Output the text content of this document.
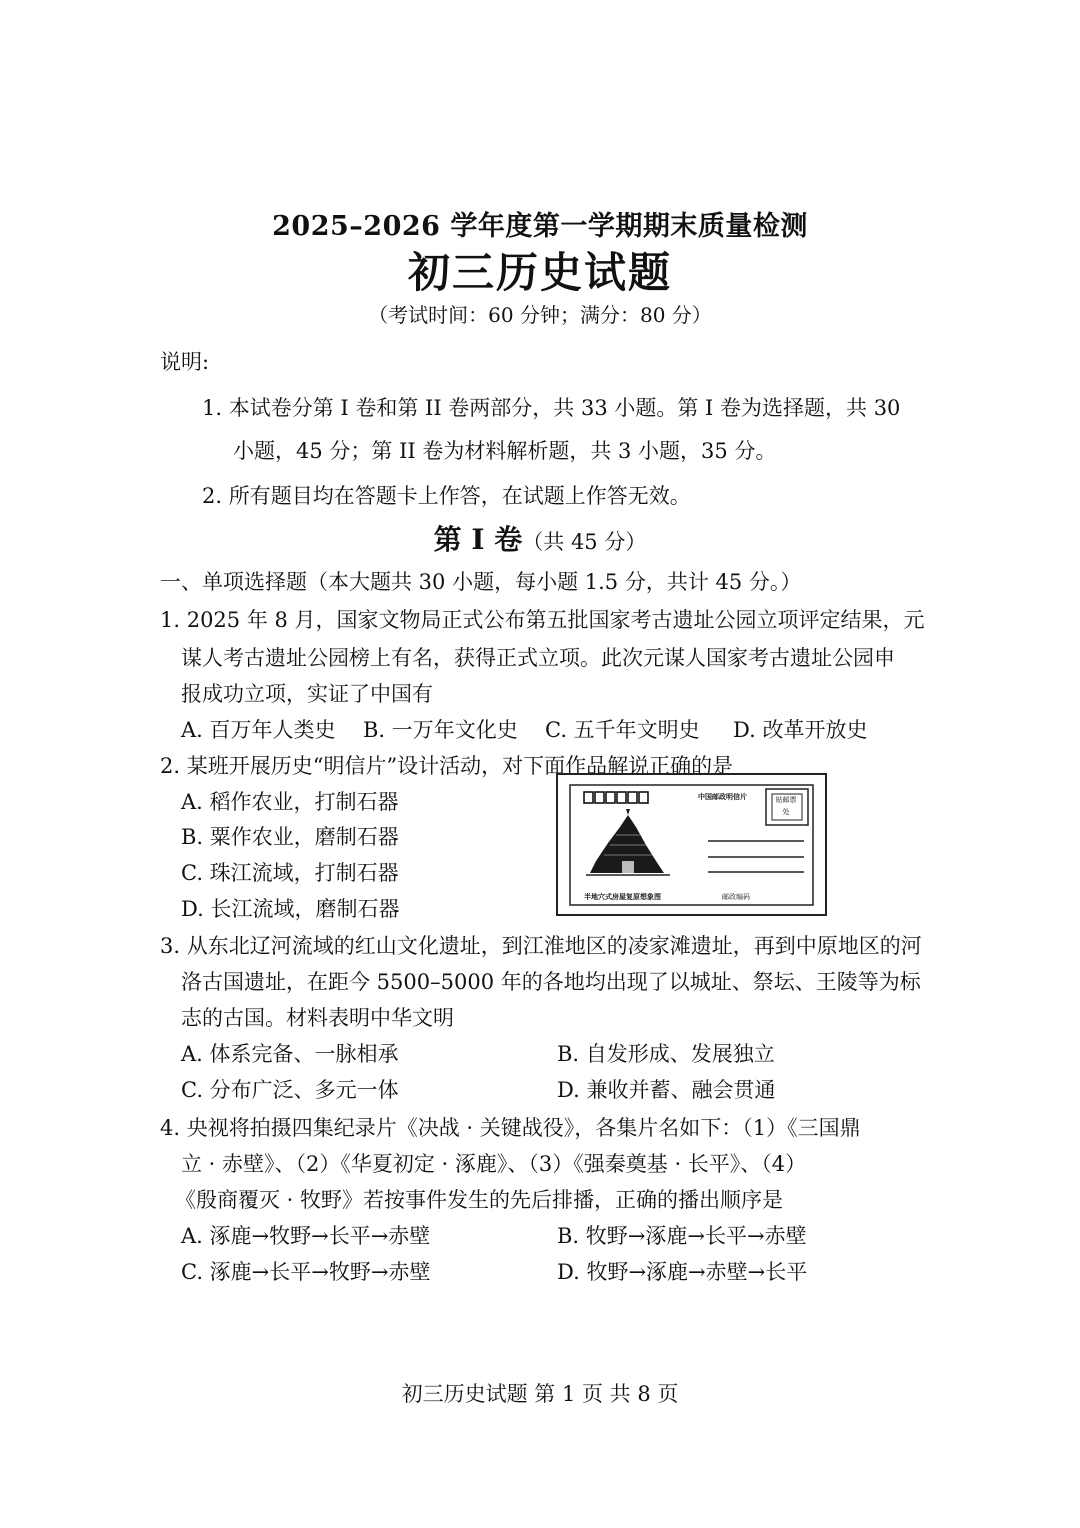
2025–2026 学年度第一学期期末质量检测
初三历史试题
（考试时间：60 分钟；满分：80 分）
说明:
1. 本试卷分第 I 卷和第 II 卷两部分，共 33 小题。第 I 卷为选择题，共 30
小题，45 分；第 II 卷为材料解析题，共 3 小题，35 分。
2. 所有题目均在答题卡上作答，在试题上作答无效。
第 I 卷（共 45 分）
一、单项选择题（本大题共 30 小题，每小题 1.5 分，共计 45 分。）
1. 2025 年 8 月，国家文物局正式公布第五批国家考古遗址公园立项评定结果，元
谋人考古遗址公园榜上有名，获得正式立项。此次元谋人国家考古遗址公园申
报成功立项，实证了中国有
A. 百万年人类史 B. 一万年文化史 C. 五千年文明史 D. 改革开放史
2. 某班开展历史“明信片”设计活动，对下面作品解说正确的是
A. 稻作农业，打制石器
B. 粟作农业，磨制石器
C. 珠江流域，打制石器
D. 长江流域，磨制石器
中国邮政明信片	贴邮票处
半地穴式房屋复原想象图	邮政编码
3. 从东北辽河流域的红山文化遗址，到江淮地区的凌家滩遗址，再到中原地区的河
洛古国遗址，在距今 5500–5000 年的各地均出现了以城址、祭坛、王陵等为标
志的古国。材料表明中华文明
A. 体系完备、一脉相承	B. 自发形成、发展独立
C. 分布广泛、多元一体	D. 兼收并蓄、融会贯通
4. 央视将拍摄四集纪录片《决战 · 关键战役》，各集片名如下：（1）《三国鼎
立 · 赤壁》、（2）《华夏初定 · 涿鹿》、（3）《强秦奠基 · 长平》、（4）
《殷商覆灭 · 牧野》若按事件发生的先后排播，正确的播出顺序是
A. 涿鹿→牧野→长平→赤壁	B. 牧野→涿鹿→长平→赤壁
C. 涿鹿→长平→牧野→赤壁	D. 牧野→涿鹿→赤壁→长平
初三历史试题 第 1 页 共 8 页
